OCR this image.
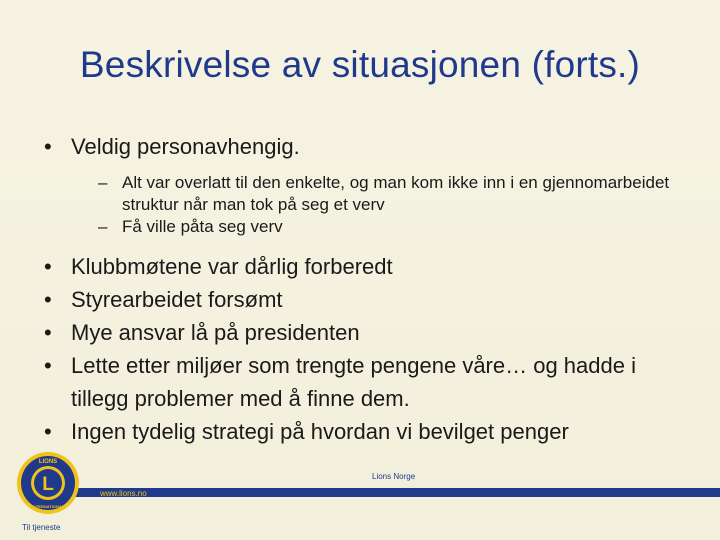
Beskrivelse av situasjonen (forts.)
• Veldig personavhengig.
– Alt var overlatt til den enkelte, og man kom ikke inn i en gjennomarbeidet struktur når man tok på seg et verv
– Få ville påta seg verv
• Klubbmøtene var dårlig forberedt
• Styrearbeidet forsømt
• Mye ansvar lå på presidenten
• Lette etter miljøer som trengte pengene våre… og hadde i tillegg problemer med å finne dem.
• Ingen tydelig strategi på hvordan vi bevilget penger
Lions Norge
www.lions.no
L
LIONS
INTERNATIONAL
Til tjeneste
